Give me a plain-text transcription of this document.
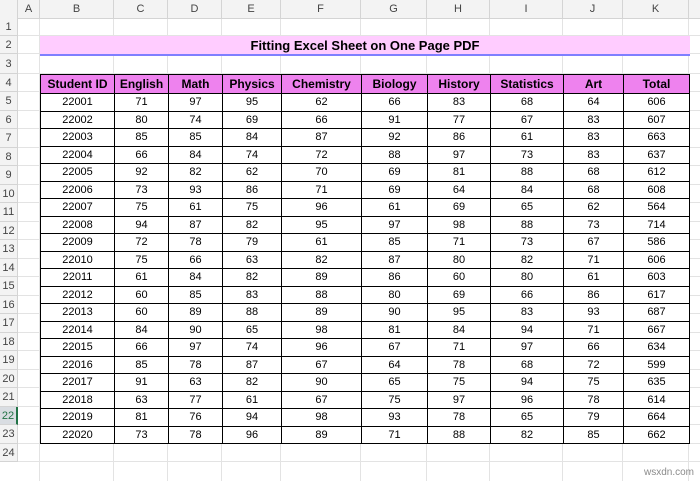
A	B	C	D	E	F	G	H	I	J	K
1
2
3
4
5
6
7
8
9
10
11
12
13
14
15
16
17
18
19
20
21
22
23
24
Fitting Excel Sheet on One Page PDF
Student ID	English	Math	Physics	Chemistry	Biology	History	Statistics	Art	Total
22001	71	97	95	62	66	83	68	64	606
22002	80	74	69	66	91	77	67	83	607
22003	85	85	84	87	92	86	61	83	663
22004	66	84	74	72	88	97	73	83	637
22005	92	82	62	70	69	81	88	68	612
22006	73	93	86	71	69	64	84	68	608
22007	75	61	75	96	61	69	65	62	564
22008	94	87	82	95	97	98	88	73	714
22009	72	78	79	61	85	71	73	67	586
22010	75	66	63	82	87	80	82	71	606
22011	61	84	82	89	86	60	80	61	603
22012	60	85	83	88	80	69	66	86	617
22013	60	89	88	89	90	95	83	93	687
22014	84	90	65	98	81	84	94	71	667
22015	66	97	74	96	67	71	97	66	634
22016	85	78	87	67	64	78	68	72	599
22017	91	63	82	90	65	75	94	75	635
22018	63	77	61	67	75	97	96	78	614
22019	81	76	94	98	93	78	65	79	664
22020	73	78	96	89	71	88	82	85	662
wsxdn.com
